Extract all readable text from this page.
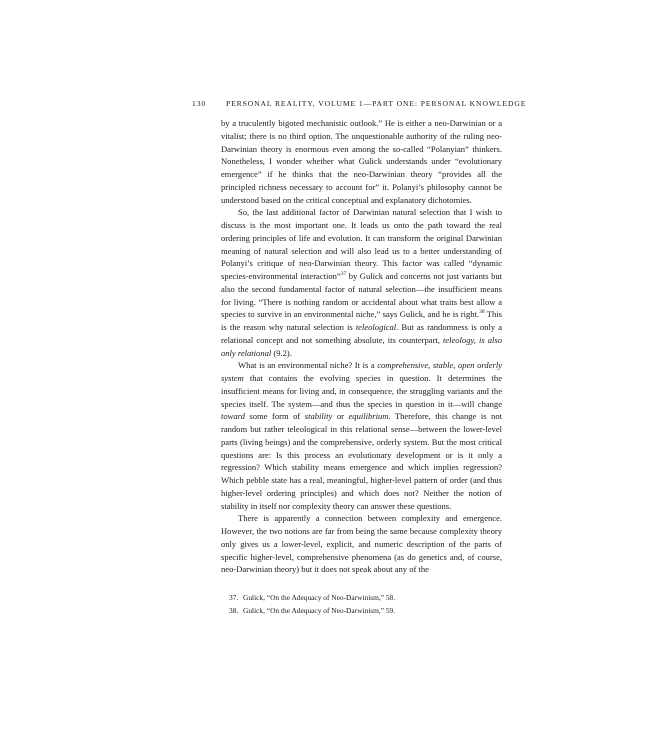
130	PERSONAL REALITY, VOLUME 1—PART ONE: PERSONAL KNOWLEDGE

by a truculently bigoted mechanistic outlook.” He is either a neo-Darwinian or a vitalist; there is no third option. The unquestionable authority of the ruling neo-Darwinian theory is enormous even among the so-called “Polanyian” thinkers. Nonetheless, I wonder whether what Gulick understands under “evolutionary emergence” if he thinks that the neo-Darwinian theory “provides all the principled richness necessary to account for” it. Polanyi’s philosophy cannot be understood based on the critical conceptual and explanatory dichotomies.

So, the last additional factor of Darwinian natural selection that I wish to discuss is the most important one. It leads us onto the path toward the real ordering principles of life and evolution. It can transform the original Darwinian meaning of natural selection and will also lead us to a better understanding of Polanyi’s critique of neo-Darwinian theory. This factor was called “dynamic species-environmental interaction”$^{37}$ by Gulick and concerns not just variants but also the second fundamental factor of natural selection—the insufficient means for living. “There is nothing random or accidental about what traits best allow a species to survive in an environmental niche,” says Gulick, and he is right.$^{38}$ This is the reason why natural selection is teleological. But as randomness is only a relational concept and not something absolute, its counterpart, teleology, is also only relational (9.2).

What is an environmental niche? It is a comprehensive, stable, open orderly system that contains the evolving species in question. It determines the insufficient means for living and, in consequence, the struggling variants and the species itself. The system—and thus the species in question in it—will change toward some form of stability or equilibrium. Therefore, this change is not random but rather teleological in this relational sense—between the lower-level parts (living beings) and the comprehensive, orderly system. But the most critical questions are: Is this process an evolutionary development or is it only a regression? Which stability means emergence and which implies regression? Which pebble state has a real, meaningful, higher-level pattern of order (and thus higher-level ordering principles) and which does not? Neither the notion of stability in itself nor complexity theory can answer these questions.

There is apparently a connection between complexity and emergence. However, the two notions are far from being the same because complexity theory only gives us a lower-level, explicit, and numeric description of the parts of specific higher-level, comprehensive phenomena (as do genetics and, of course, neo-Darwinian theory) but it does not speak about any of the

37. Gulick, “On the Adequacy of Neo-Darwinism,” 58.
38. Gulick, “On the Adequacy of Neo-Darwinism,” 59.
